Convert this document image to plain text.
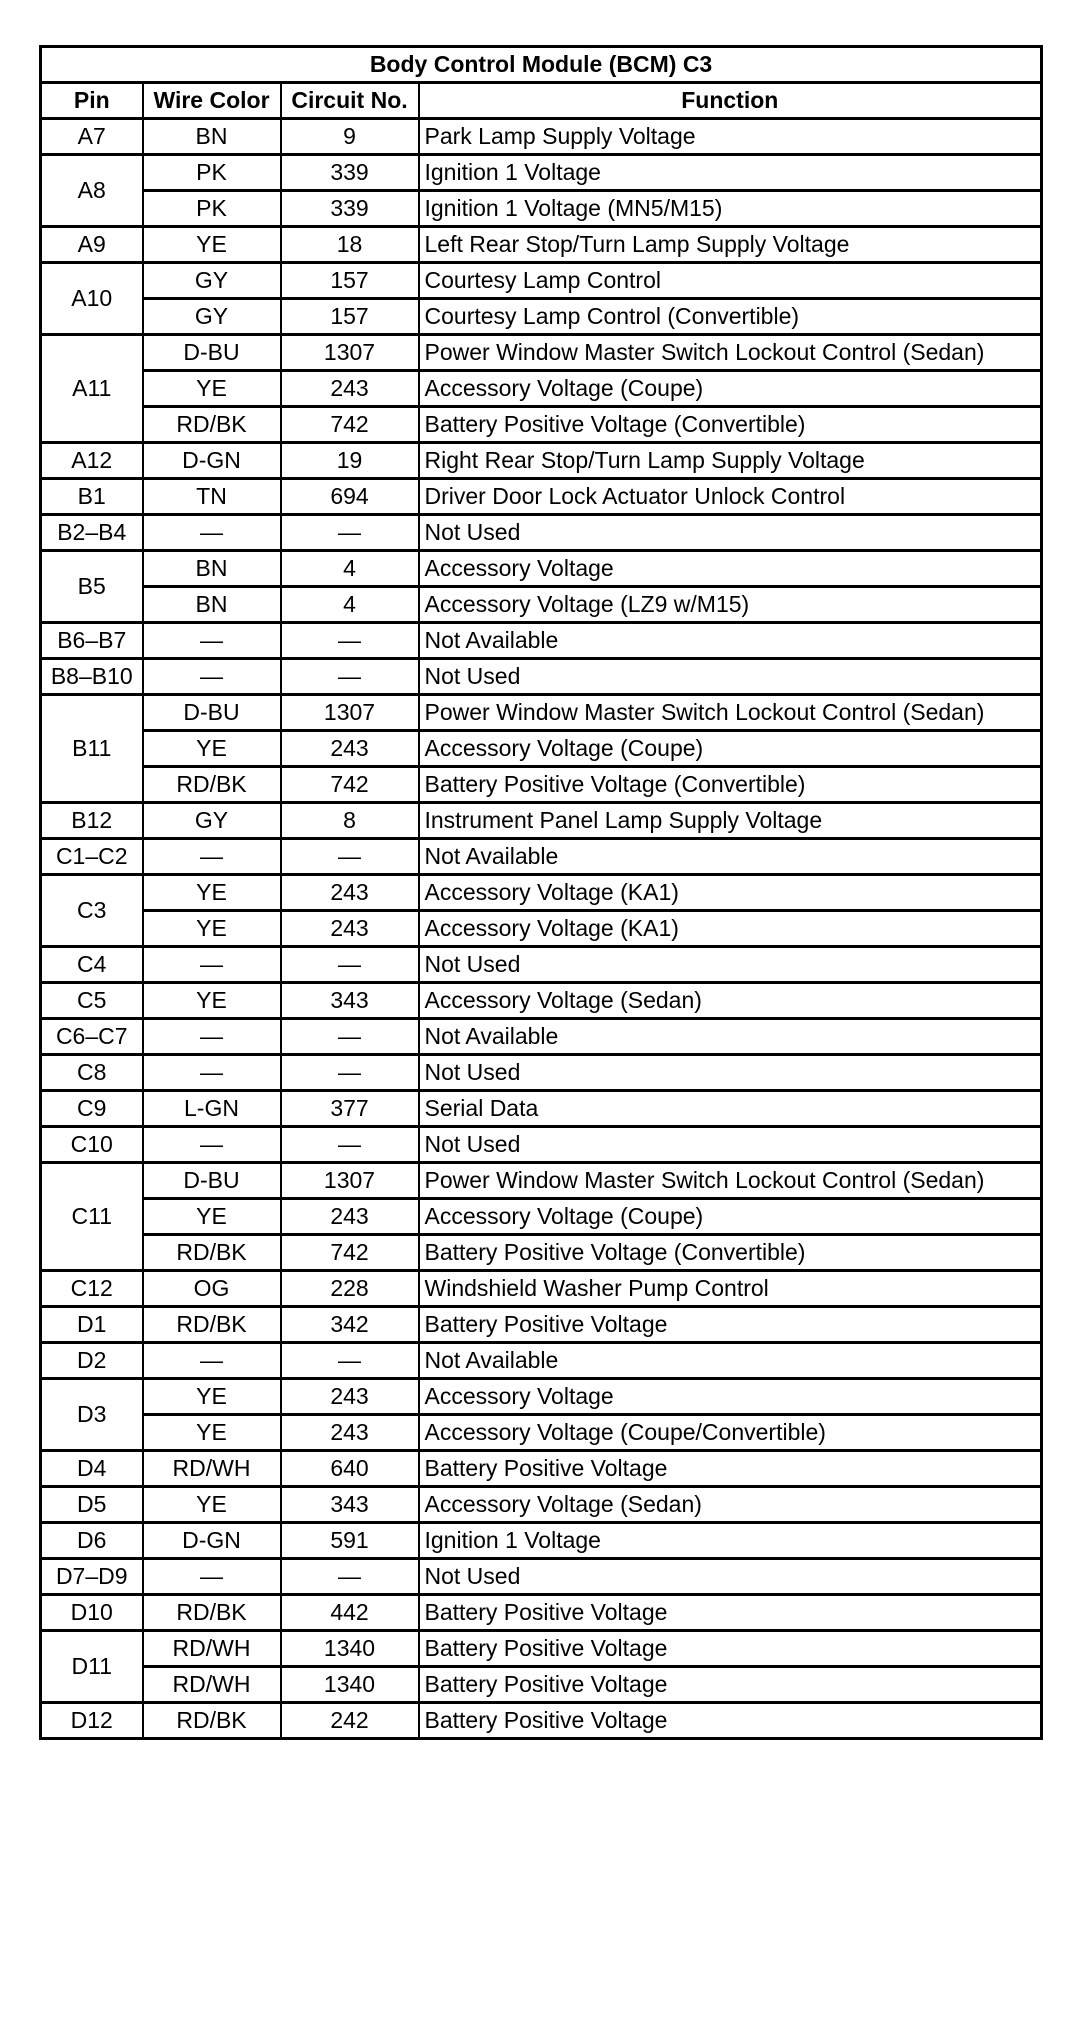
Body Control Module (BCM) C3			
Pin	Wire Color	Circuit No.	Function
A7	BN	9	Park Lamp Supply Voltage
A8	PK	339	Ignition 1 Voltage
	PK	339	Ignition 1 Voltage (MN5/M15)
A9	YE	18	Left Rear Stop/Turn Lamp Supply Voltage
A10	GY	157	Courtesy Lamp Control
	GY	157	Courtesy Lamp Control (Convertible)
A11	D-BU	1307	Power Window Master Switch Lockout Control (Sedan)
	YE	243	Accessory Voltage (Coupe)
	RD/BK	742	Battery Positive Voltage (Convertible)
A12	D-GN	19	Right Rear Stop/Turn Lamp Supply Voltage
B1	TN	694	Driver Door Lock Actuator Unlock Control
B2–B4	—	—	Not Used
B5	BN	4	Accessory Voltage
	BN	4	Accessory Voltage (LZ9 w/M15)
B6–B7	—	—	Not Available
B8–B10	—	—	Not Used
B11	D-BU	1307	Power Window Master Switch Lockout Control (Sedan)
	YE	243	Accessory Voltage (Coupe)
	RD/BK	742	Battery Positive Voltage (Convertible)
B12	GY	8	Instrument Panel Lamp Supply Voltage
C1–C2	—	—	Not Available
C3	YE	243	Accessory Voltage (KA1)
	YE	243	Accessory Voltage (KA1)
C4	—	—	Not Used
C5	YE	343	Accessory Voltage (Sedan)
C6–C7	—	—	Not Available
C8	—	—	Not Used
C9	L-GN	377	Serial Data
C10	—	—	Not Used
C11	D-BU	1307	Power Window Master Switch Lockout Control (Sedan)
	YE	243	Accessory Voltage (Coupe)
	RD/BK	742	Battery Positive Voltage (Convertible)
C12	OG	228	Windshield Washer Pump Control
D1	RD/BK	342	Battery Positive Voltage
D2	—	—	Not Available
D3	YE	243	Accessory Voltage
	YE	243	Accessory Voltage (Coupe/Convertible)
D4	RD/WH	640	Battery Positive Voltage
D5	YE	343	Accessory Voltage (Sedan)
D6	D-GN	591	Ignition 1 Voltage
D7–D9	—	—	Not Used
D10	RD/BK	442	Battery Positive Voltage
D11	RD/WH	1340	Battery Positive Voltage
	RD/WH	1340	Battery Positive Voltage
D12	RD/BK	242	Battery Positive Voltage
